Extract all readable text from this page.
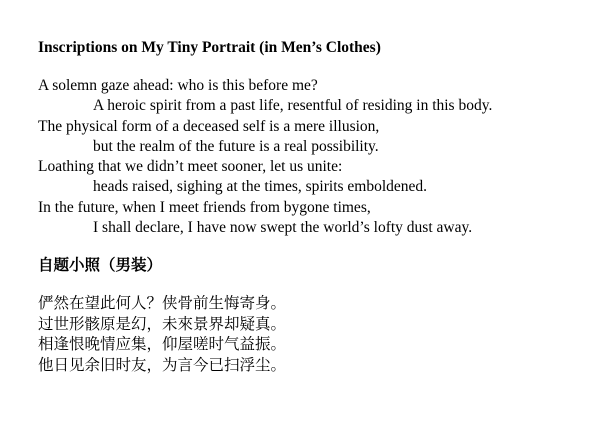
Inscriptions on My Tiny Portrait (in Men’s Clothes)
A solemn gaze ahead: who is this before me?
A heroic spirit from a past life, resentful of residing in this body.
The physical form of a deceased self is a mere illusion,
but the realm of the future is a real possibility.
Loathing that we didn’t meet sooner, let us unite:
heads raised, sighing at the times, spirits emboldened.
In the future, when I meet friends from bygone times,
I shall declare, I have now swept the world’s lofty dust away.
自题小照（男装）
俨然在望此何人？侠骨前生悔寄身。
过世形骸原是幻，未來景界却疑真。
相逢恨晚情应集，仰屋嗟时气益振。
他日见余旧时友，为言今已扫浮尘。
